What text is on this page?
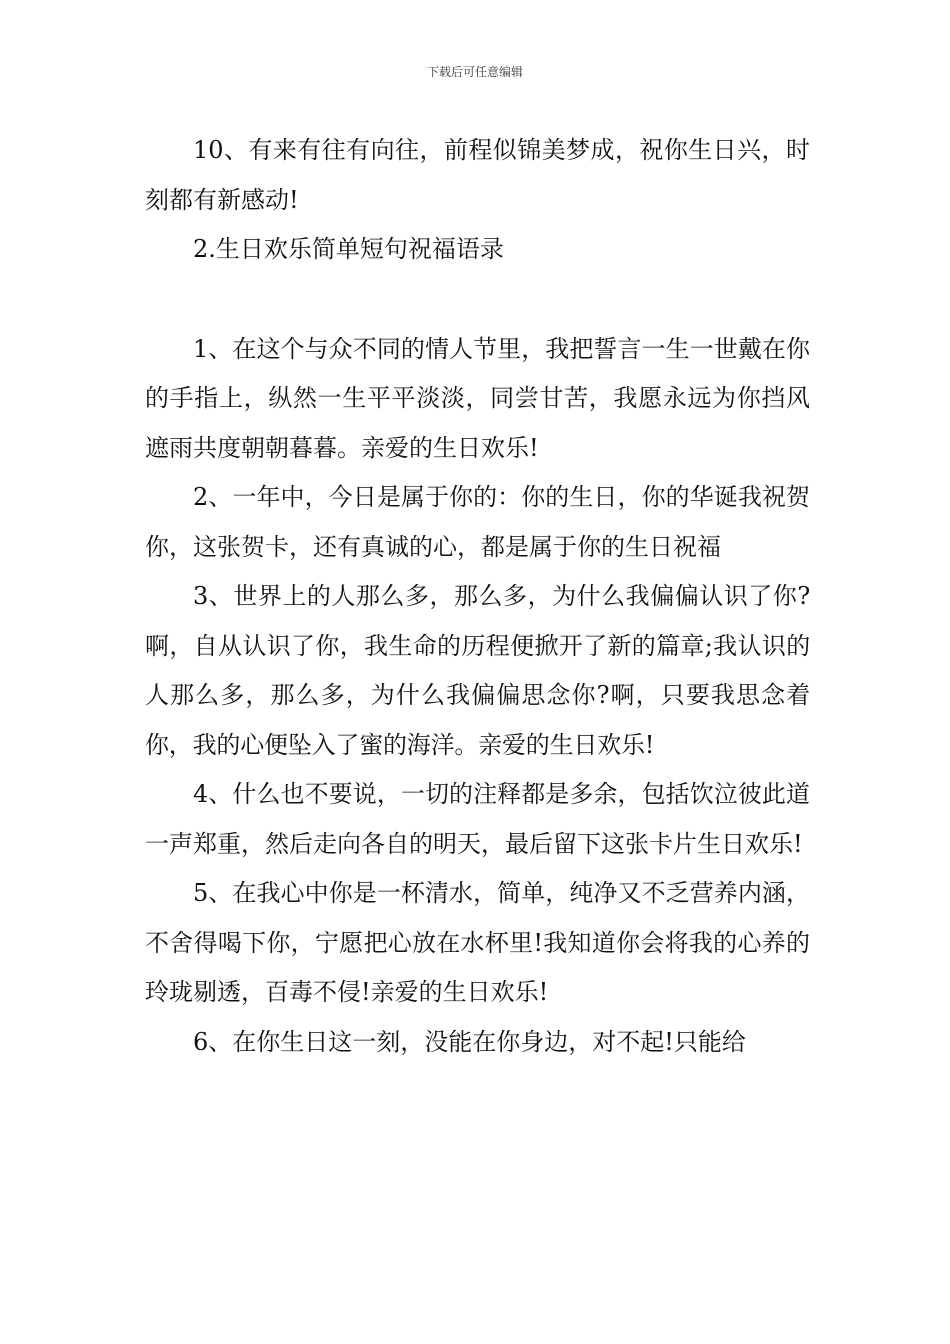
下载后可任意编辑

10、有来有往有向往，前程似锦美梦成，祝你生日兴，时刻都有新感动!

2.生日欢乐简单短句祝福语录

1、在这个与众不同的情人节里，我把誓言一生一世戴在你的手指上，纵然一生平平淡淡，同尝甘苦，我愿永远为你挡风遮雨共度朝朝暮暮。亲爱的生日欢乐!

2、一年中，今日是属于你的：你的生日，你的华诞我祝贺你，这张贺卡，还有真诚的心，都是属于你的生日祝福

3、世界上的人那么多，那么多，为什么我偏偏认识了你?啊，自从认识了你，我生命的历程便掀开了新的篇章;我认识的人那么多，那么多，为什么我偏偏思念你?啊，只要我思念着你，我的心便坠入了蜜的海洋。亲爱的生日欢乐!

4、什么也不要说，一切的注释都是多余，包括饮泣彼此道一声郑重，然后走向各自的明天，最后留下这张卡片生日欢乐!

5、在我心中你是一杯清水，简单，纯净又不乏营养内涵，不舍得喝下你，宁愿把心放在水杯里!我知道你会将我的心养的玲珑剔透，百毒不侵!亲爱的生日欢乐!

6、在你生日这一刻，没能在你身边，对不起!只能给
